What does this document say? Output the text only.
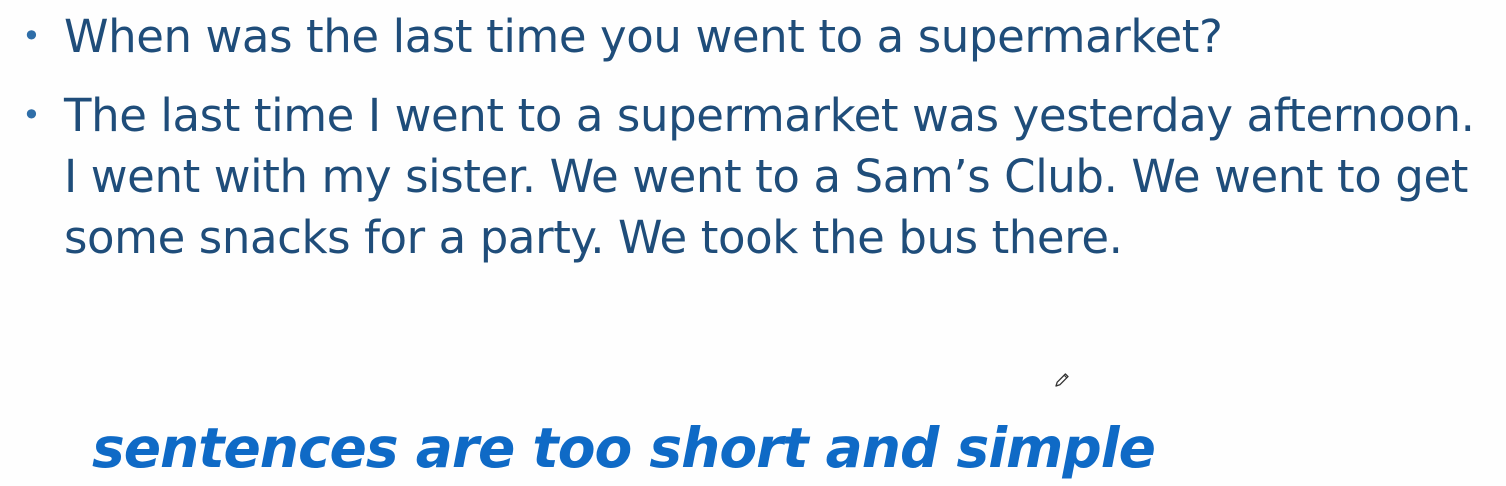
• When was the last time you went to a supermarket?
• The last time I went to a supermarket was yesterday afternoon. I went with my sister. We went to a Sam’s Club. We went to get some snacks for a party. We took the bus there.
sentences are too short and simple
